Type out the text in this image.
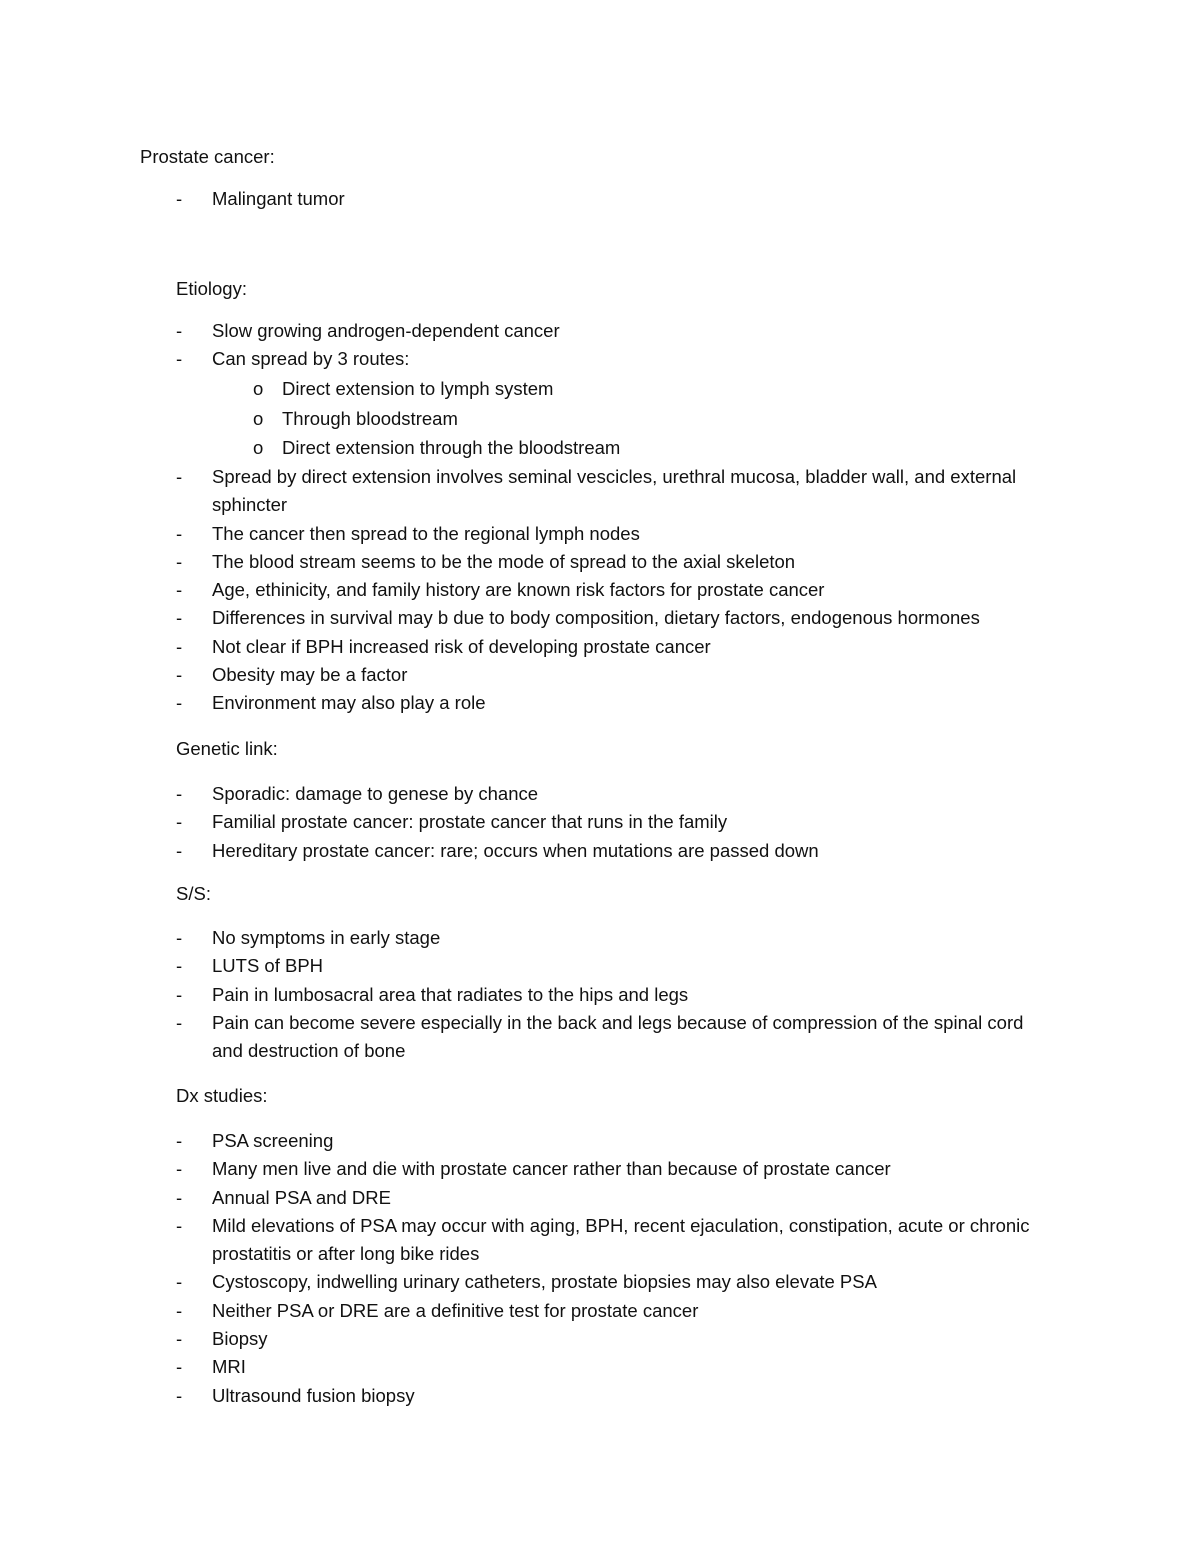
Prostate cancer:
-	Malingant tumor
Etiology:
-	Slow growing androgen-dependent cancer
-	Can spread by 3 routes:
o	Direct extension to lymph system
o	Through bloodstream
o	Direct extension through the bloodstream
-	Spread by direct extension involves seminal vescicles, urethral mucosa, bladder wall, and external sphincter
-	The cancer then spread to the regional lymph nodes
-	The blood stream seems to be the mode of spread to the axial skeleton
-	Age, ethinicity, and family history are known risk factors for prostate cancer
-	Differences in survival may b due to body composition, dietary factors, endogenous hormones
-	Not clear if BPH increased risk of developing prostate cancer
-	Obesity may be a factor
-	Environment may also play a role
Genetic link:
-	Sporadic: damage to genese by chance
-	Familial prostate cancer: prostate cancer that runs in the family
-	Hereditary prostate cancer: rare; occurs when mutations are passed down
S/S:
-	No symptoms in early stage
-	LUTS of BPH
-	Pain in lumbosacral area that radiates to the hips and legs
-	Pain can become severe especially in the back and legs because of compression of the spinal cord and destruction of bone
Dx studies:
-	PSA screening
-	Many men live and die with prostate cancer rather than because of prostate cancer
-	Annual PSA and DRE
-	Mild elevations of PSA may occur with aging, BPH, recent ejaculation, constipation, acute or chronic prostatitis or after long bike rides
-	Cystoscopy, indwelling urinary catheters, prostate biopsies may also elevate PSA
-	Neither PSA or DRE are a definitive test for prostate cancer
-	Biopsy
-	MRI
-	Ultrasound fusion biopsy
